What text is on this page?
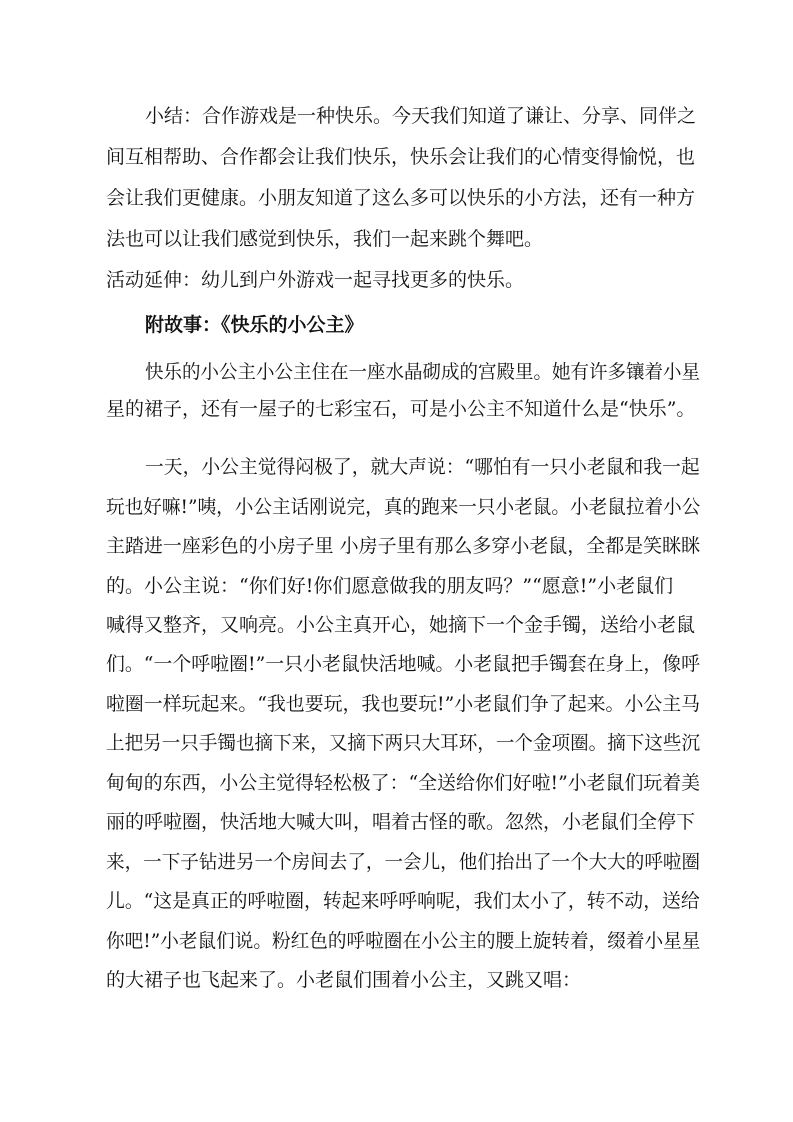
小结：合作游戏是一种快乐。今天我们知道了谦让、分享、同伴之
间互相帮助、合作都会让我们快乐，快乐会让我们的心情变得愉悦，也
会让我们更健康。小朋友知道了这么多可以快乐的小方法，还有一种方
法也可以让我们感觉到快乐，我们一起来跳个舞吧。
活动延伸：幼儿到户外游戏一起寻找更多的快乐。
附故事：《快乐的小公主》
快乐的小公主小公主住在一座水晶砌成的宫殿里。她有许多镶着小星
星的裙子，还有一屋子的七彩宝石，可是小公主不知道什么是“快乐”。
一天，小公主觉得闷极了，就大声说：“哪怕有一只小老鼠和我一起
玩也好嘛!”咦，小公主话刚说完，真的跑来一只小老鼠。小老鼠拉着小公
主踏进一座彩色的小房子里 小房子里有那么多穿小老鼠，全都是笑眯眯
的。小公主说：“你们好!你们愿意做我的朋友吗？”“愿意!”小老鼠们
喊得又整齐，又响亮。小公主真开心，她摘下一个金手镯，送给小老鼠
们。“一个呼啦圈!”一只小老鼠快活地喊。小老鼠把手镯套在身上，像呼
啦圈一样玩起来。“我也要玩，我也要玩!”小老鼠们争了起来。小公主马
上把另一只手镯也摘下来，又摘下两只大耳环，一个金项圈。摘下这些沉
甸甸的东西，小公主觉得轻松极了：“全送给你们好啦!”小老鼠们玩着美
丽的呼啦圈，快活地大喊大叫，唱着古怪的歌。忽然，小老鼠们全停下
来，一下子钻进另一个房间去了，一会儿，他们抬出了一个大大的呼啦圈
儿。“这是真正的呼啦圈，转起来呼呼响呢，我们太小了，转不动，送给
你吧!”小老鼠们说。粉红色的呼啦圈在小公主的腰上旋转着，缀着小星星
的大裙子也飞起来了。小老鼠们围着小公主，又跳又唱：
